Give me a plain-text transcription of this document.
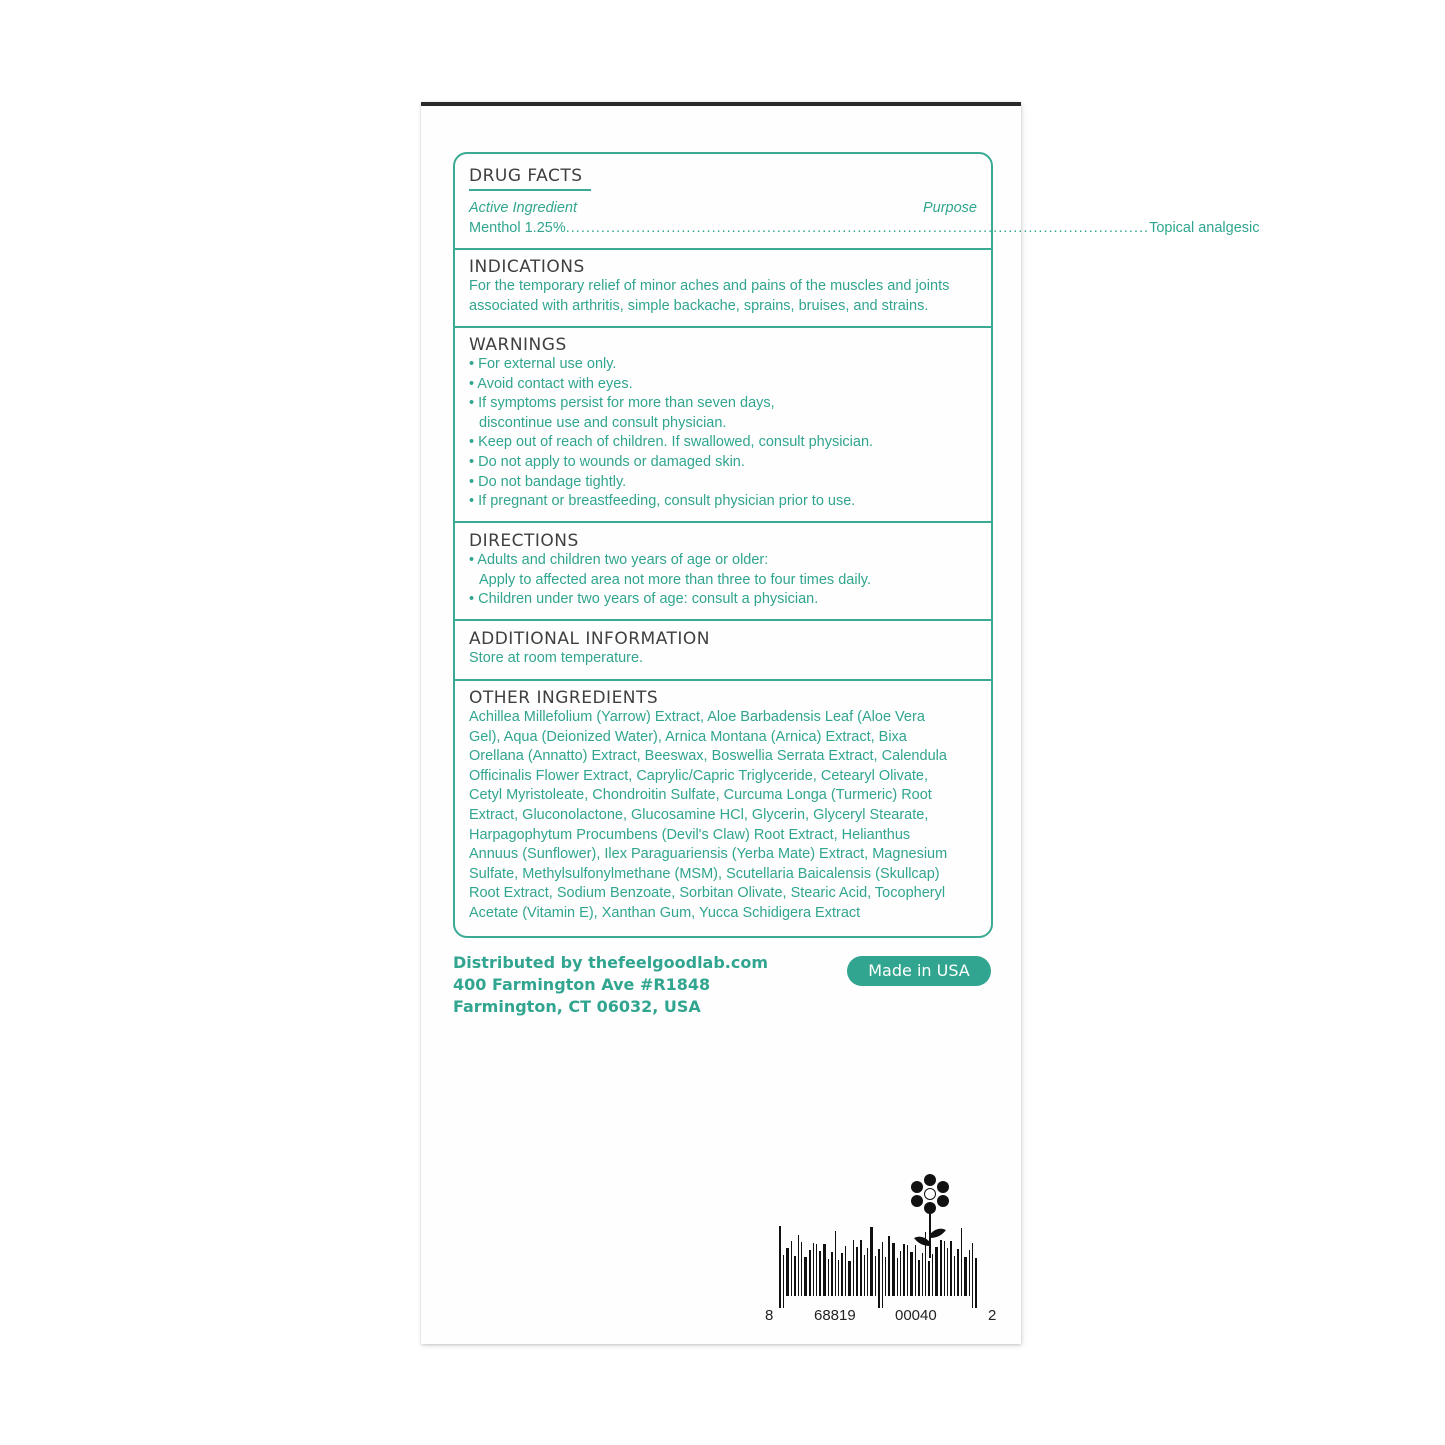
DRUG FACTS
Active Ingredient	Purpose
Menthol 1.25% .................................................................................................................... Topical analgesic
INDICATIONS
For the temporary relief of minor aches and pains of the muscles and joints
associated with arthritis, simple backache, sprains, bruises, and strains.
WARNINGS
• For external use only.
• Avoid contact with eyes.
• If symptoms persist for more than seven days,
discontinue use and consult physician.
• Keep out of reach of children. If swallowed, consult physician.
• Do not apply to wounds or damaged skin.
• Do not bandage tightly.
• If pregnant or breastfeeding, consult physician prior to use.
DIRECTIONS
• Adults and children two years of age or older:
Apply to affected area not more than three to four times daily.
• Children under two years of age: consult a physician.
ADDITIONAL INFORMATION
Store at room temperature.
OTHER INGREDIENTS
Achillea Millefolium (Yarrow) Extract, Aloe Barbadensis Leaf (Aloe Vera
Gel), Aqua (Deionized Water), Arnica Montana (Arnica) Extract, Bixa
Orellana (Annatto) Extract, Beeswax, Boswellia Serrata Extract, Calendula
Officinalis Flower Extract, Caprylic/Capric Triglyceride, Cetearyl Olivate,
Cetyl Myristoleate, Chondroitin Sulfate, Curcuma Longa (Turmeric) Root
Extract, Gluconolactone, Glucosamine HCl, Glycerin, Glyceryl Stearate,
Harpagophytum Procumbens (Devil's Claw) Root Extract, Helianthus
Annuus (Sunflower), Ilex Paraguariensis (Yerba Mate) Extract, Magnesium
Sulfate, Methylsulfonylmethane (MSM), Scutellaria Baicalensis (Skullcap)
Root Extract, Sodium Benzoate, Sorbitan Olivate, Stearic Acid, Tocopheryl
Acetate (Vitamin E), Xanthan Gum, Yucca Schidigera Extract
Distributed by thefeelgoodlab.com
400 Farmington Ave #R1848
Farmington, CT 06032, USA
Made in USA
8	68819	00040	2
